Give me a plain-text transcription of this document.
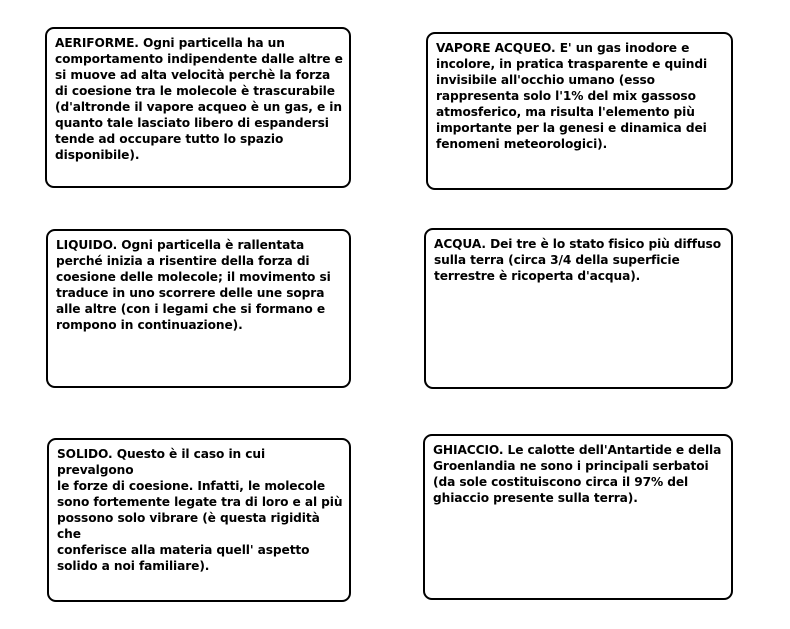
AERIFORME. Ogni particella ha un
comportamento indipendente dalle altre e
si muove ad alta velocità perchè la forza
di coesione tra le molecole è trascurabile
(d'altronde il vapore acqueo è un gas, e in
quanto tale lasciato libero di espandersi
tende ad occupare tutto lo spazio
disponibile).

VAPORE ACQUEO. E' un gas inodore e
incolore, in pratica trasparente e quindi
invisibile all'occhio umano (esso
rappresenta solo l'1% del mix gassoso
atmosferico, ma risulta l'elemento più
importante per la genesi e dinamica dei
fenomeni meteorologici).

LIQUIDO. Ogni particella è rallentata
perché inizia a risentire della forza di
coesione delle molecole; il movimento si
traduce in uno scorrere delle une sopra
alle altre (con i legami che si formano e
rompono in continuazione).

ACQUA. Dei tre è lo stato fisico più diffuso
sulla terra (circa 3/4 della superficie
terrestre è ricoperta d'acqua).

SOLIDO. Questo è il caso in cui prevalgono
le forze di coesione. Infatti, le molecole
sono fortemente legate tra di loro e al più
possono solo vibrare (è questa rigidità che
conferisce alla materia quell' aspetto
solido a noi familiare).

GHIACCIO. Le calotte dell'Antartide e della
Groenlandia ne sono i principali serbatoi
(da sole costituiscono circa il 97% del
ghiaccio presente sulla terra).
